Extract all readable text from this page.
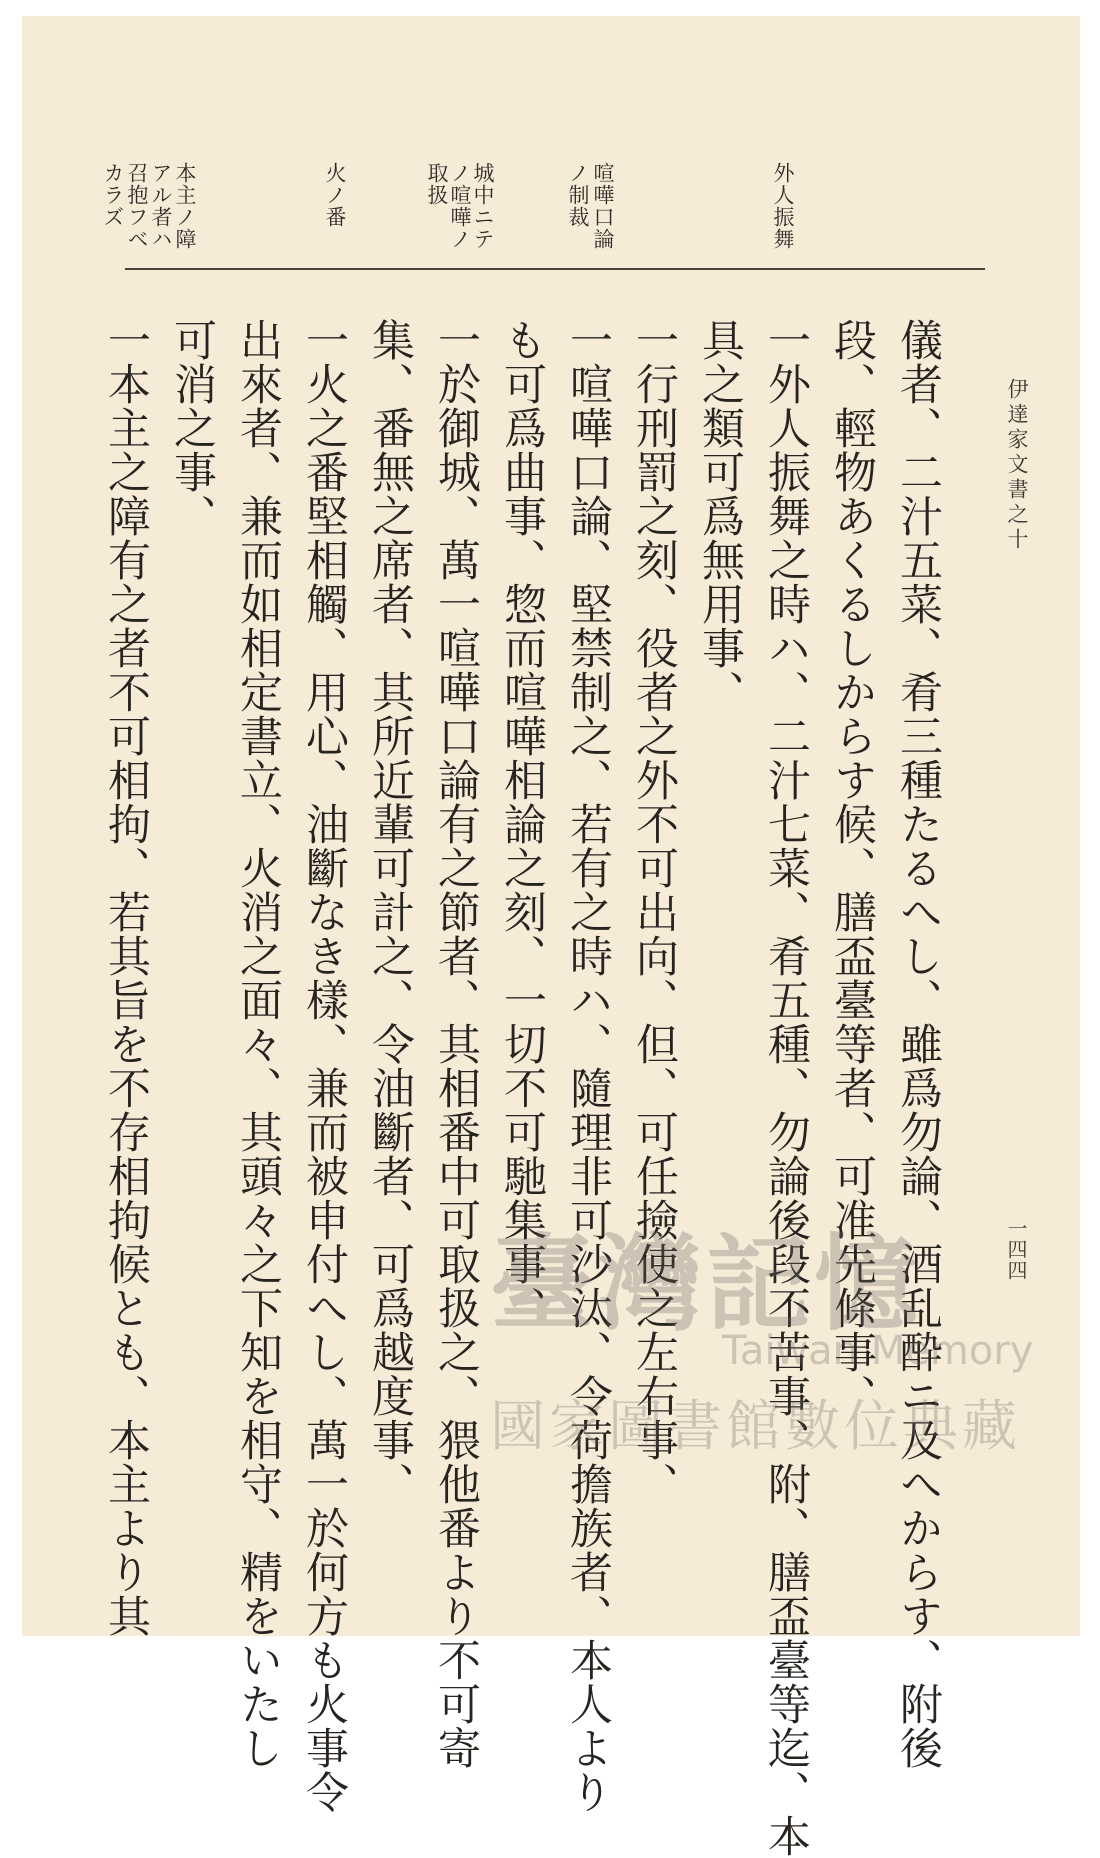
伊達家文書之十
一四四
外人振舞
喧嘩口論
ノ制裁
城中ニテ
ノ喧嘩ノ
取扱
火ノ番
本主ノ障
アル者ハ
召抱フベ
カラズ
儀者、二汁五菜、肴三種たるへし、雖爲勿論、酒乱酔ニ及へからす、附後
段、輕物あくるしからす候、膳盃臺等者、可准先條事、
一外人振舞之時ハ、二汁七菜、肴五種、勿論後段不苦事、附、膳盃臺等迄、本
具之類可爲無用事、
一行刑罰之刻、役者之外不可出向、但、可任撿使之左右事、
一喧嘩口論、堅禁制之、若有之時ハ、隨理非可沙汰、令荷擔族者、本人より
も可爲曲事、惣而喧嘩相論之刻、一切不可馳集事、
一於御城、萬一喧嘩口論有之節者、其相番中可取扱之、猥他番より不可寄
集、番無之席者、其所近輩可計之、令油斷者、可爲越度事、
一火之番堅相觸、用心、油斷なき樣、兼而被申付へし、萬一於何方も火事令
出來者、兼而如相定書立、火消之面々、其頭々之下知を相守、精をいたし
可消之事、
一本主之障有之者不可相拘、若其旨を不存相拘候とも、本主より其	臺灣記憶
Taiwan Memory
國家圖書館數位典藏
